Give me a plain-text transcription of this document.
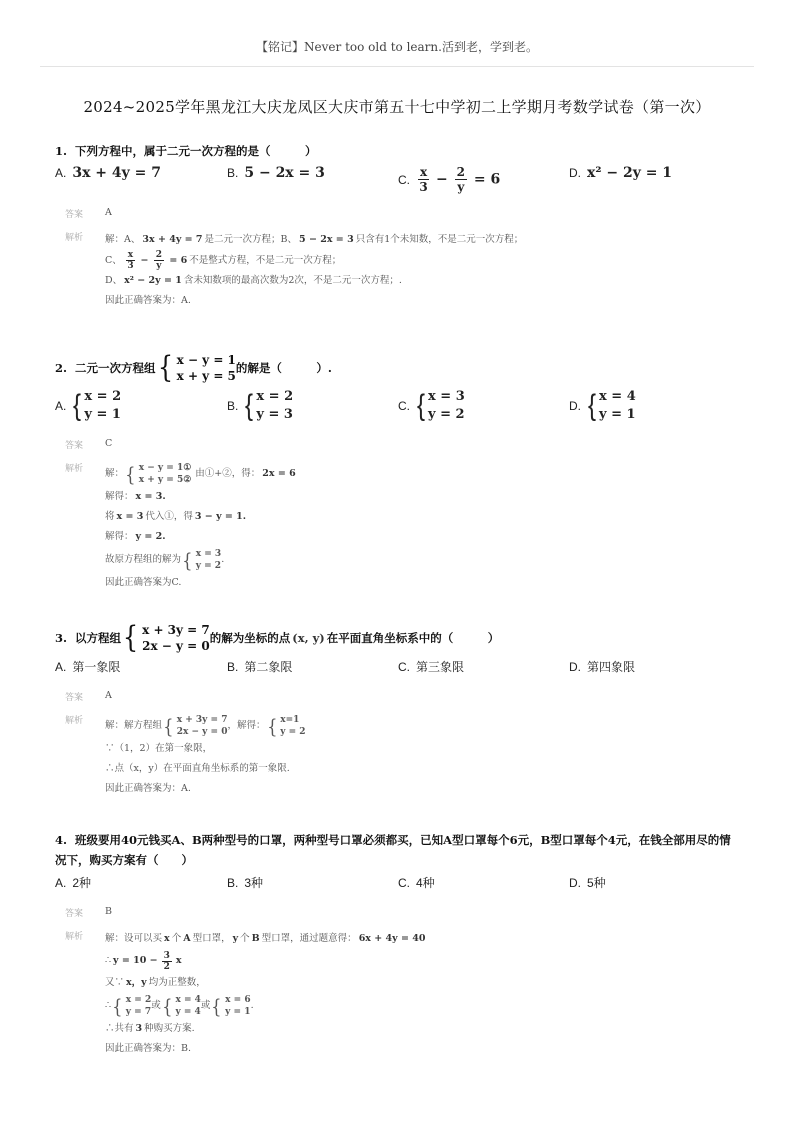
【铭记】Never too old to learn.活到老，学到老。
2024~2025学年黑龙江大庆龙凤区大庆市第五十七中学初二上学期月考数学试卷（第一次）
1. 下列方程中，属于二元一次方程的是（　　　）
A. 3x + 4y = 7	B. 5 − 2x = 3	C. $\frac{x}{3} - \frac{2}{y} = 6$	D. x² − 2y = 1
答案	A
解析	解：A、 3x + 4y = 7 是二元一次方程；B、 5 − 2x = 3 只含有1个未知数，不是二元一次方程；
C、 $\frac{x}{3} - \frac{2}{y} = 6$ 不是整式方程，不是二元一次方程；
D、 x² − 2y = 1 含未知数项的最高次数为2次，不是二元一次方程；.
因此正确答案为：A.
2. 二元一次方程组 { x − y = 1
x + y = 5
的解是（　　　）.
A. { x = 2
y = 1
B. { x = 2
y = 3
C. { x = 3
y = 2
D. { x = 4
y = 1
答案	C
解析	解： { x − y = 1①
x + y = 5②
由①+②，得： 2x = 6
解得： x = 3.
将 x = 3 代入①，得 3 − y = 1.
解得： y = 2.
故原方程组的解为 { x = 3
y = 2
.
因此正确答案为C.
3. 以方程组 { x + 3y = 7
2x − y = 0
的解为坐标的点 (x, y) 在平面直角坐标系中的（　　　）
A. 第一象限	B. 第二象限	C. 第三象限	D. 第四象限
答案	A
解析	解：解方程组 { x + 3y = 7
2x − y = 0
，解得： { x=1
y = 2
∵（1，2）在第一象限，
∴点（x，y）在平面直角坐标系的第一象限.
因此正确答案为：A.
4. 班级要用40元钱买A、B两种型号的口罩，两种型号口罩必须都买，已知A型口罩每个6元，B型口罩每个4元，在钱全部用尽的情
况下，购买方案有（　　）
A. 2种	B. 3种	C. 4种	D. 5种
答案	B
解析	解：设可以买 x 个 A 型口罩， y 个 B 型口罩，通过题意得： 6x + 4y = 40
∴ $y = 10 - \frac{3}{2}$ x
又∵ x，y 均为正整数，
∴ { x = 2
y = 7
或 { x = 4
y = 4
或 { x = 6
y = 1
.
∴共有 3 种购买方案.
因此正确答案为：B.
